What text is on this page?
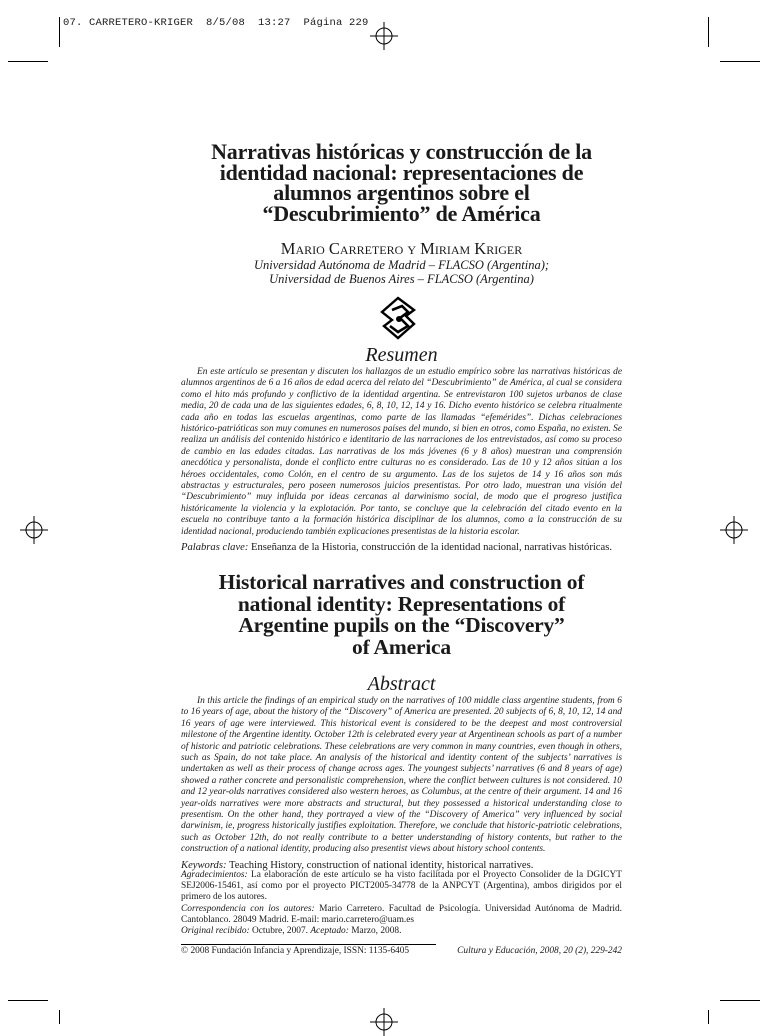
07. CARRETERO-KRIGER  8/5/08  13:27  Página 229
Narrativas históricas y construcción de la
identidad nacional: representaciones de
alumnos argentinos sobre el
“Descubrimiento” de América
Mario Carretero y Miriam Kriger
Universidad Autónoma de Madrid – FLACSO (Argentina);
Universidad de Buenos Aires – FLACSO (Argentina)
Resumen

En este artículo se presentan y discuten los hallazgos de un estudio empírico sobre las narrativas históricas de alumnos argentinos de 6 a 16 años de edad acerca del relato del “Descubrimiento” de América, al cual se considera como el hito más profundo y conflictivo de la identidad argentina. Se entrevistaron 100 sujetos urbanos de clase media, 20 de cada una de las siguientes edades, 6, 8, 10, 12, 14 y 16. Dicho evento histórico se celebra ritualmente cada año en todas las escuelas argentinas, como parte de las llamadas “efemérides”. Dichas celebraciones histórico-patrióticas son muy comunes en numerosos países del mundo, si bien en otros, como España, no existen. Se realiza un análisis del contenido histórico e identitario de las narraciones de los entrevistados, así como su proceso de cambio en las edades citadas. Las narrativas de los más jóvenes (6 y 8 años) muestran una comprensión anecdótica y personalista, donde el conflicto entre culturas no es considerado. Las de 10 y 12 años sitúan a los héroes occidentales, como Colón, en el centro de su argumento. Las de los sujetos de 14 y 16 años son más abstractas y estructurales, pero poseen numerosos juicios presentistas. Por otro lado, muestran una visión del “Descubrimiento” muy influida por ideas cercanas al darwinismo social, de modo que el progreso justifica históricamente la violencia y la explotación. Por tanto, se concluye que la celebración del citado evento en la escuela no contribuye tanto a la formación histórica disciplinar de los alumnos, como a la construcción de su identidad nacional, produciendo también explicaciones presentistas de la historia escolar.

Palabras clave: Enseñanza de la Historia, construcción de la identidad nacional, narrativas históricas.

Historical narratives and construction of
national identity: Representations of
Argentine pupils on the “Discovery”
of America
Abstract

In this article the findings of an empirical study on the narratives of 100 middle class argentine students, from 6 to 16 years of age, about the history of the “Discovery” of America are presented. 20 subjects of 6, 8, 10, 12, 14 and 16 years of age were interviewed. This historical event is considered to be the deepest and most controversial milestone of the Argentine identity. October 12th is celebrated every year at Argentinean schools as part of a number of historic and patriotic celebrations. These celebrations are very common in many countries, even though in others, such as Spain, do not take place. An analysis of the historical and identity content of the subjects’ narratives is undertaken as well as their process of change across ages. The youngest subjects’ narratives (6 and 8 years of age) showed a rather concrete and personalistic comprehension, where the conflict between cultures is not considered. 10 and 12 year-olds narratives considered also western heroes, as Columbus, at the centre of their argument. 14 and 16 year-olds narratives were more abstracts and structural, but they possessed a historical understanding close to presentism. On the other hand, they portrayed a view of the “Discovery of America” very influenced by social darwinism, ie, progress historically justifies exploitation. Therefore, we conclude that historic-patriotic celebrations, such as October 12th, do not really contribute to a better understanding of history contents, but rather to the construction of a national identity, producing also presentist views about history school contents.

Keywords: Teaching History, construction of national identity, historical narratives.

Agradecimientos: La elaboración de este artículo se ha visto facilitada por el Proyecto Consolider de la DGICYT SEJ2006-15461, así como por el proyecto PICT2005-34778 de la ANPCYT (Argentina), ambos dirigidos por el primero de los autores.

Correspondencia con los autores: Mario Carretero. Facultad de Psicología. Universidad Autónoma de Madrid. Cantoblanco. 28049 Madrid. E-mail: mario.carretero@uam.es

Original recibido: Octubre, 2007. Aceptado: Marzo, 2008.

© 2008 Fundación Infancia y Aprendizaje, ISSN: 1135-6405	Cultura y Educación, 2008, 20 (2), 229-242
